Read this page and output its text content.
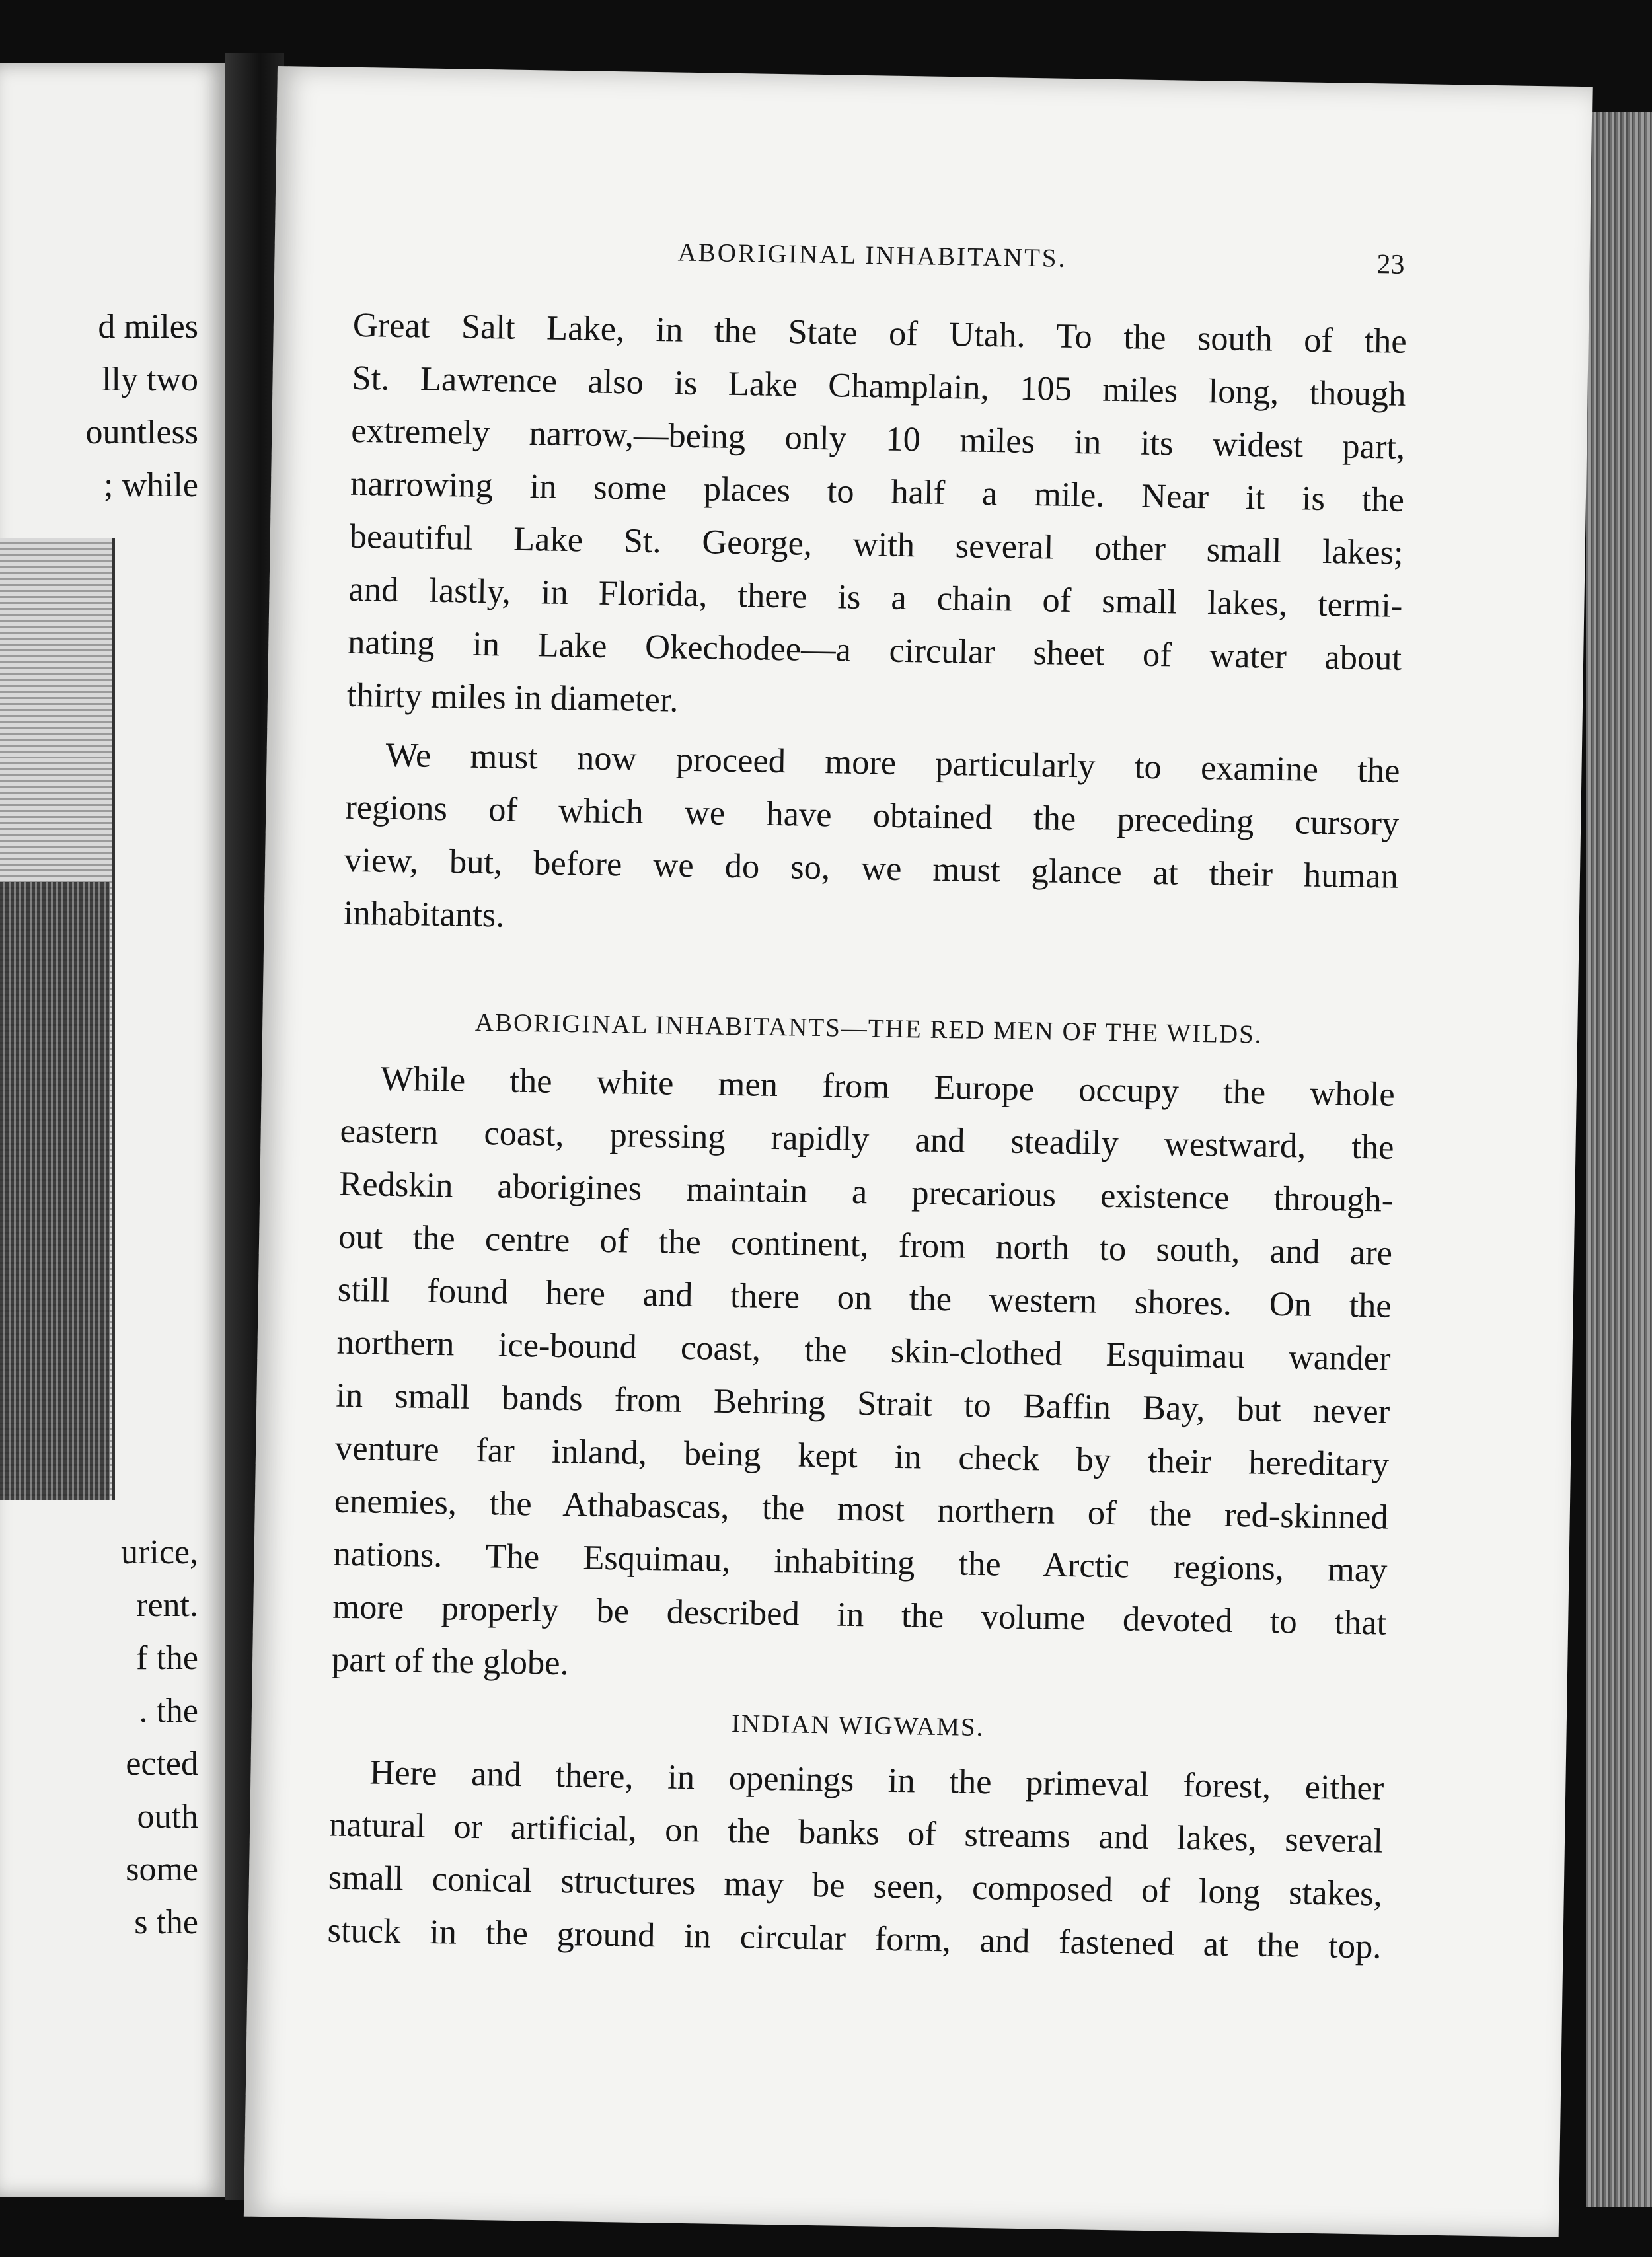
d miles
lly two
ountless
; while
urice,
rent.
f the
. the
ected
outh
some
s the
ABORIGINAL INHABITANTS.	23
Great Salt Lake, in the State of Utah. To the south of the
St. Lawrence also is Lake Champlain, 105 miles long, though
extremely narrow,—being only 10 miles in its widest part,
narrowing in some places to half a mile. Near it is the
beautiful Lake St. George, with several other small lakes;
and lastly, in Florida, there is a chain of small lakes, termi-
nating in Lake Okechodee—a circular sheet of water about
thirty miles in diameter.
We must now proceed more particularly to examine the
regions of which we have obtained the preceding cursory
view, but, before we do so, we must glance at their human
inhabitants.
ABORIGINAL INHABITANTS—THE RED MEN OF THE WILDS.
While the white men from Europe occupy the whole
eastern coast, pressing rapidly and steadily westward, the
Redskin aborigines maintain a precarious existence through-
out the centre of the continent, from north to south, and are
still found here and there on the western shores. On the
northern ice-bound coast, the skin-clothed Esquimau wander
in small bands from Behring Strait to Baffin Bay, but never
venture far inland, being kept in check by their hereditary
enemies, the Athabascas, the most northern of the red-skinned
nations. The Esquimau, inhabiting the Arctic regions, may
more properly be described in the volume devoted to that
part of the globe.
INDIAN WIGWAMS.
Here and there, in openings in the primeval forest, either
natural or artificial, on the banks of streams and lakes, several
small conical structures may be seen, composed of long stakes,
stuck in the ground in circular form, and fastened at the top.
